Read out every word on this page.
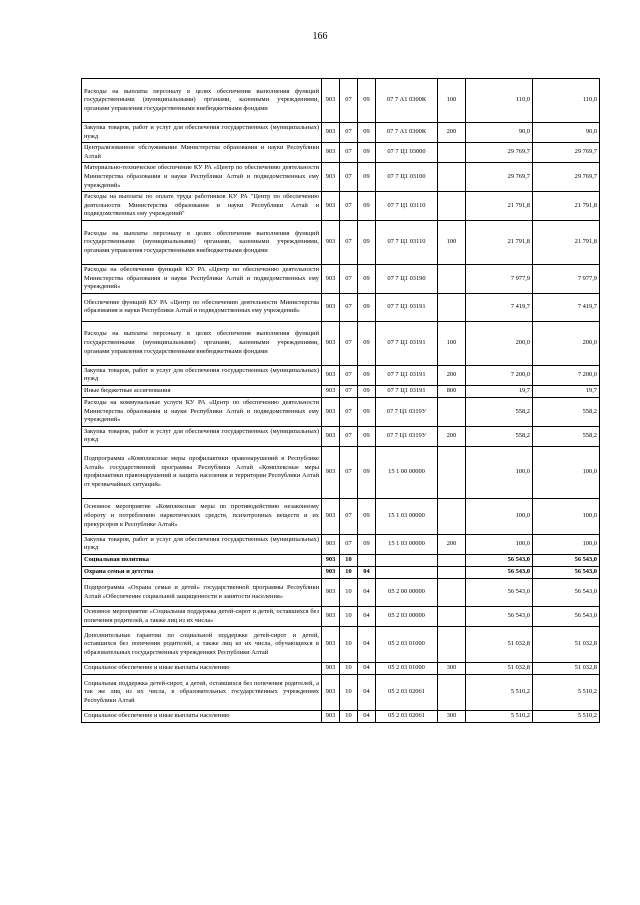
166
Расходы на выплаты персоналу в целях обеспечения выполнения функций государственными (муниципальными) органами, казенными учреждениями, органами управления государственными внебюджетными фондами	903	07	09	07 7 А1 0300К	100	110,0	110,0
Закупка товаров, работ и услуг для обеспечения государственных (муниципальных) нужд	903	07	09	07 7 А1 0300К	200	90,0	90,0
Централизованное обслуживание Министерства образования и науки Республики Алтай	903	07	09	07 7 Ц1 03000		29 769,7	29 769,7
Материально-техническое обеспечение КУ РА «Центр по обеспечению деятельности Министерства образования и науки Республики Алтай и подведомственных ему учреждений»	903	07	09	07 7 Ц1 03100		29 769,7	29 769,7
Расходы на выплаты по оплате труда работников КУ РА "Центр по обеспечению деятельности Министерства образования и науки Республики Алтай и подведомственных ему учреждений"	903	07	09	07 7 Ц1 03110		21 791,8	21 791,8
Расходы на выплаты персоналу в целях обеспечения выполнения функций государственными (муниципальными) органами, казенными учреждениями, органами управления государственными внебюджетными фондами	903	07	09	07 7 Ц1 03110	100	21 791,8	21 791,8
Расходы на обеспечение функций КУ РА «Центр по обеспечению деятельности Министерства образования и науки Республики Алтай и подведомственных ему учреждений»	903	07	09	07 7 Ц1 03190		7 977,9	7 977,9
Обеспечение функций КУ РА «Центр по обеспечению деятельности Министерства образования и науки Республики Алтай и подведомственных ему учреждений»	903	07	09	07 7 Ц1 03191		7 419,7	7 419,7
Расходы на выплаты персоналу в целях обеспечения выполнения функций государственными (муниципальными) органами, казенными учреждениями, органами управления государственными внебюджетными фондами	903	07	09	07 7 Ц1 03191	100	200,0	200,0
Закупка товаров, работ и услуг для обеспечения государственных (муниципальных) нужд	903	07	09	07 7 Ц1 03191	200	7 200,0	7 200,0
Иные бюджетные ассигнования	903	07	09	07 7 Ц1 03191	800	19,7	19,7
Расходы на коммунальные услуги КУ РА «Центр по обеспечению деятельности Министерства образования и науки Республики Алтай и подведомственных ему учреждений»	903	07	09	07 7 Ц1 0319У		558,2	558,2
Закупка товаров, работ и услуг для обеспечения государственных (муниципальных) нужд	903	07	09	07 7 Ц1 0319У	200	558,2	558,2
Подпрограмма «Комплексные меры профилактики правонарушений в Республике Алтай» государственной программы Республики Алтай «Комплексные меры профилактики правонарушений и защита населения и территории Республики Алтай от чрезвычайных ситуаций»	903	07	09	15 1 00 00000		100,0	100,0
Основное мероприятие «Комплексные меры по противодействию незаконному обороту и потреблению наркотических средств, психотропных веществ и их прекурсоров в Республике Алтай»	903	07	09	15 1 03 00000		100,0	100,0
Закупка товаров, работ и услуг для обеспечения государственных (муниципальных) нужд	903	07	09	15 1 03 00000	200	100,0	100,0
Социальная политика	903	10				56 543,0	56 543,0
Охрана семьи и детства	903	10	04			56 543,0	56 543,0
Подпрограмма «Охрана семьи и детей» государственной программы Республики Алтай «Обеспечение социальной защищенности и занятости населения»	903	10	04	05 2 00 00000		56 543,0	56 543,0
Основное мероприятие «Социальная поддержка детей-сирот и детей, оставшихся без попечения родителей, а также лиц из их числа»	903	10	04	05 2 03 00000		56 543,0	56 543,0
Дополнительные гарантии по социальной поддержке детей-сирот и детей, оставшихся без попечения родителей, а также лиц из их числа, обучающихся в образовательных государственных учреждениях Республики Алтай	903	10	04	05 2 03 01000		51 032,8	51 032,8
Социальное обеспечение и иные выплаты населению	903	10	04	05 2 03 01000	300	51 032,8	51 032,8
Социальная поддержка детей-сирот, а детей, оставшихся без попечения родителей, а так же лиц из их числа, в образовательных государственных учреждениях Республики Алтай	903	10	04	05 2 03 02061		5 510,2	5 510,2
Социальное обеспечение и иные выплаты населению	903	10	04	05 2 03 02061	300	5 510,2	5 510,2
